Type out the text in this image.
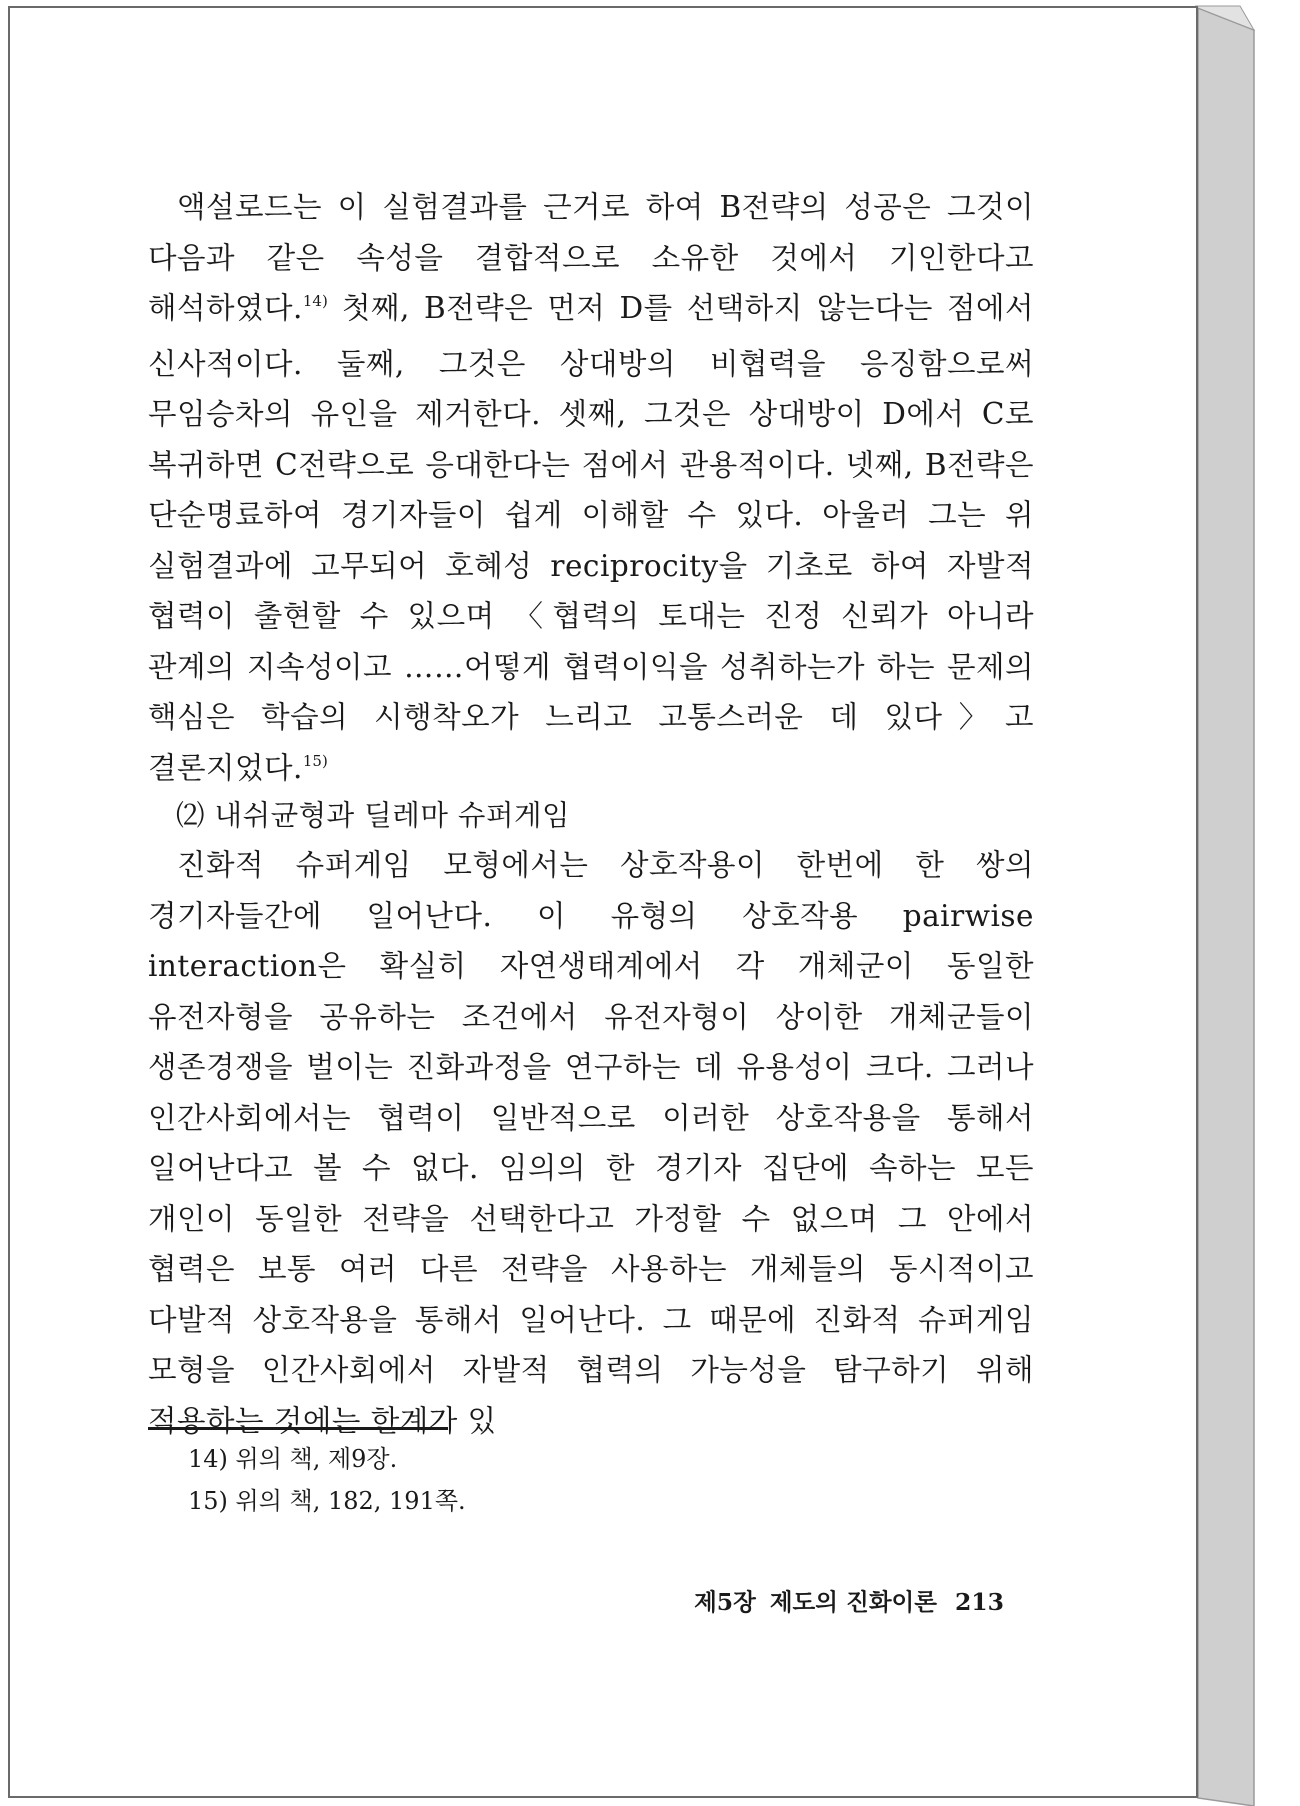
액설로드는 이 실험결과를 근거로 하여 B전략의 성공은 그것이 다음과 같은 속성을 결합적으로 소유한 것에서 기인한다고 해석하였다.$^{14)}$ 첫째, B전략은 먼저 D를 선택하지 않는다는 점에서 신사적이다. 둘째, 그것은 상대방의 비협력을 응징함으로써 무임승차의 유인을 제거한다. 셋째, 그것은 상대방이 D에서 C로 복귀하면 C전략으로 응대한다는 점에서 관용적이다. 넷째, B전략은 단순명료하여 경기자들이 쉽게 이해할 수 있다. 아울러 그는 위 실험결과에 고무되어 호혜성 reciprocity을 기초로 하여 자발적 협력이 출현할 수 있으며 〈협력의 토대는 진정 신뢰가 아니라 관계의 지속성이고 ……어떻게 협력이익을 성취하는가 하는 문제의 핵심은 학습의 시행착오가 느리고 고통스러운 데 있다〉고 결론지었다.$^{15)}$

⑵ 내쉬균형과 딜레마 슈퍼게임

진화적 슈퍼게임 모형에서는 상호작용이 한번에 한 쌍의 경기자들간에 일어난다. 이 유형의 상호작용 pairwise interaction은 확실히 자연생태계에서 각 개체군이 동일한 유전자형을 공유하는 조건에서 유전자형이 상이한 개체군들이 생존경쟁을 벌이는 진화과정을 연구하는 데 유용성이 크다. 그러나 인간사회에서는 협력이 일반적으로 이러한 상호작용을 통해서 일어난다고 볼 수 없다. 임의의 한 경기자 집단에 속하는 모든 개인이 동일한 전략을 선택한다고 가정할 수 없으며 그 안에서 협력은 보통 여러 다른 전략을 사용하는 개체들의 동시적이고 다발적 상호작용을 통해서 일어난다. 그 때문에 진화적 슈퍼게임 모형을 인간사회에서 자발적 협력의 가능성을 탐구하기 위해 적용하는 것에는 한계가 있

14) 위의 책, 제9장.
15) 위의 책, 182, 191쪽.
제5장 제도의 진화이론 213
